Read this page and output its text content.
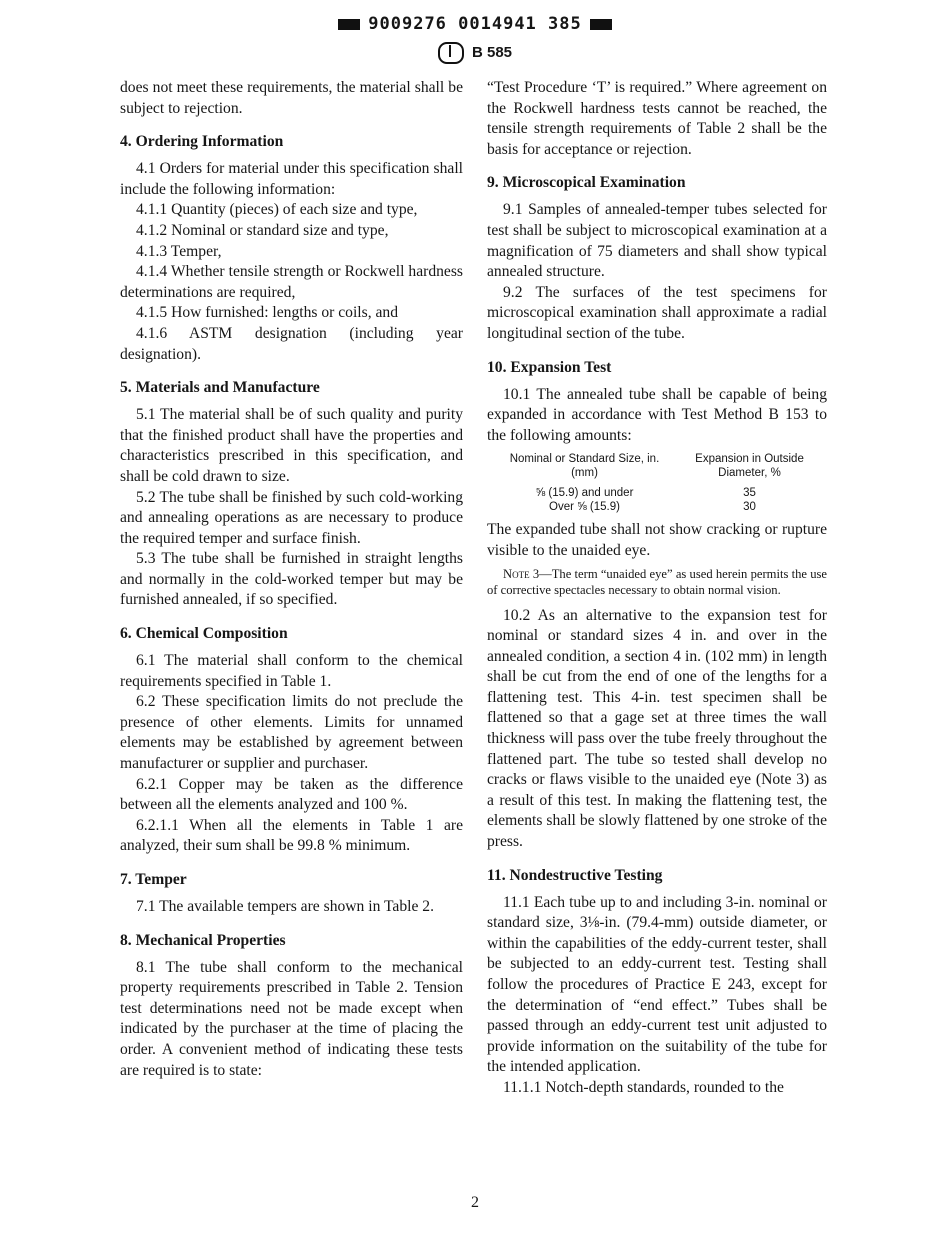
9009276 0014941 385
B 585

does not meet these requirements, the material shall be subject to rejection.

4. Ordering Information

4.1 Orders for material under this specification shall include the following information:

4.1.1 Quantity (pieces) of each size and type,

4.1.2 Nominal or standard size and type,

4.1.3 Temper,

4.1.4 Whether tensile strength or Rockwell hardness determinations are required,

4.1.5 How furnished: lengths or coils, and

4.1.6 ASTM designation (including year designation).

5. Materials and Manufacture

5.1 The material shall be of such quality and purity that the finished product shall have the properties and characteristics prescribed in this specification, and shall be cold drawn to size.

5.2 The tube shall be finished by such cold-working and annealing operations as are necessary to produce the required temper and surface finish.

5.3 The tube shall be furnished in straight lengths and normally in the cold-worked temper but may be furnished annealed, if so specified.

6. Chemical Composition

6.1 The material shall conform to the chemical requirements specified in Table 1.

6.2 These specification limits do not preclude the presence of other elements. Limits for unnamed elements may be established by agreement between manufacturer or supplier and purchaser.

6.2.1 Copper may be taken as the difference between all the elements analyzed and 100 %.

6.2.1.1 When all the elements in Table 1 are analyzed, their sum shall be 99.8 % minimum.

7. Temper

7.1 The available tempers are shown in Table 2.

8. Mechanical Properties

8.1 The tube shall conform to the mechanical property requirements prescribed in Table 2. Tension test determinations need not be made except when indicated by the purchaser at the time of placing the order. A convenient method of indicating these tests are required is to state:

“Test Procedure ‘T’ is required.” Where agreement on the Rockwell hardness tests cannot be reached, the tensile strength requirements of Table 2 shall be the basis for acceptance or rejection.

9. Microscopical Examination

9.1 Samples of annealed-temper tubes selected for test shall be subject to microscopical examination at a magnification of 75 diameters and shall show typical annealed structure.

9.2 The surfaces of the test specimens for microscopical examination shall approximate a radial longitudinal section of the tube.

10. Expansion Test

10.1 The annealed tube shall be capable of being expanded in accordance with Test Method B 153 to the following amounts:

Nominal or Standard Size, in. (mm)	Expansion in Outside Diameter, %

⅝ (15.9) and under	35
Over ⅝ (15.9)	30

The expanded tube shall not show cracking or rupture visible to the unaided eye.

Note 3—The term “unaided eye” as used herein permits the use of corrective spectacles necessary to obtain normal vision.

10.2 As an alternative to the expansion test for nominal or standard sizes 4 in. and over in the annealed condition, a section 4 in. (102 mm) in length shall be cut from the end of one of the lengths for a flattening test. This 4-in. test specimen shall be flattened so that a gage set at three times the wall thickness will pass over the tube freely throughout the flattened part. The tube so tested shall develop no cracks or flaws visible to the unaided eye (Note 3) as a result of this test. In making the flattening test, the elements shall be slowly flattened by one stroke of the press.

11. Nondestructive Testing

11.1 Each tube up to and including 3-in. nominal or standard size, 3⅛-in. (79.4-mm) outside diameter, or within the capabilities of the eddy-current tester, shall be subjected to an eddy-current test. Testing shall follow the procedures of Practice E 243, except for the determination of “end effect.” Tubes shall be passed through an eddy-current test unit adjusted to provide information on the suitability of the tube for the intended application.

11.1.1 Notch-depth standards, rounded to the

2
